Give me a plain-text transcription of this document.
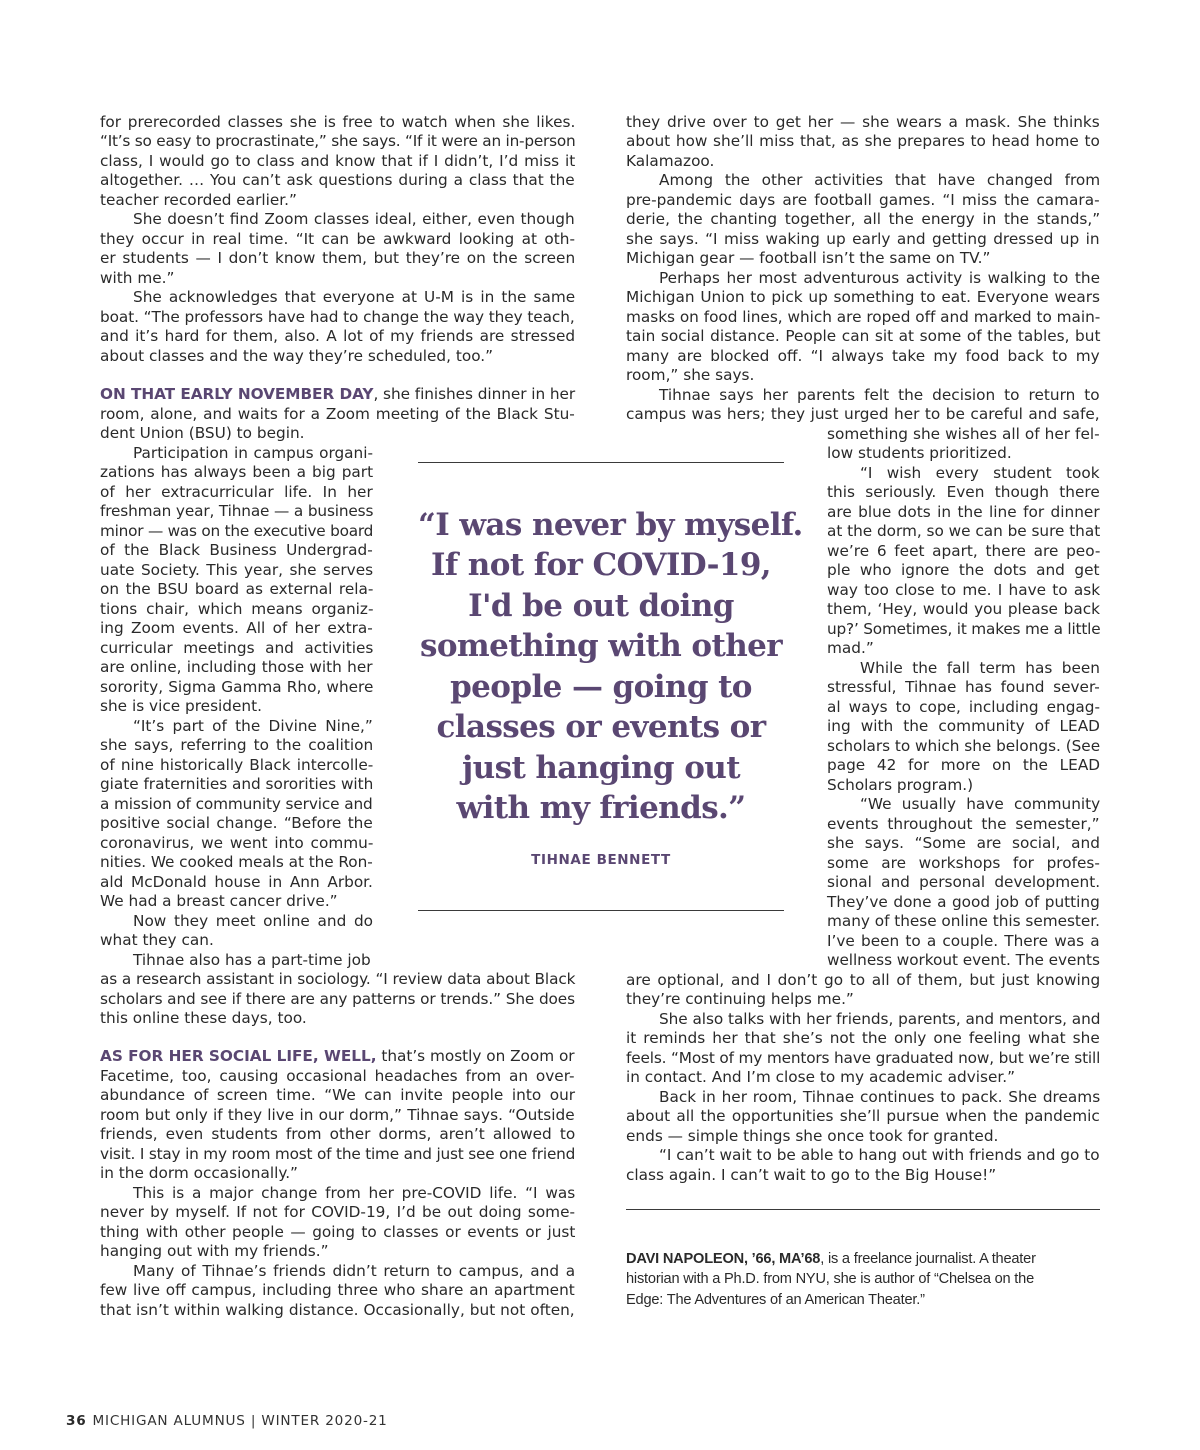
for prerecorded classes she is free to watch when she likes.
“It’s so easy to procrastinate,” she says. “If it were an in-person
class, I would go to class and know that if I didn’t, I’d miss it
altogether. … You can’t ask questions during a class that the
teacher recorded earlier.”
She doesn’t find Zoom classes ideal, either, even though
they occur in real time. “It can be awkward looking at oth-
er students — I don’t know them, but they’re on the screen
with me.”
She acknowledges that everyone at U-M is in the same
boat. “The professors have had to change the way they teach,
and it’s hard for them, also. A lot of my friends are stressed
about classes and the way they’re scheduled, too.”
ON THAT EARLY NOVEMBER DAY, she finishes dinner in her
room, alone, and waits for a Zoom meeting of the Black Stu-
dent Union (BSU) to begin.
Participation in campus organi-
zations has always been a big part
of her extracurricular life. In her
freshman year, Tihnae — a business
minor — was on the executive board
of the Black Business Undergrad-
uate Society. This year, she serves
on the BSU board as external rela-
tions chair, which means organiz-
ing Zoom events. All of her extra-
curricular meetings and activities
are online, including those with her
sorority, Sigma Gamma Rho, where
she is vice president.
“It’s part of the Divine Nine,”
she says, referring to the coalition
of nine historically Black intercolle-
giate fraternities and sororities with
a mission of community service and
positive social change. “Before the
coronavirus, we went into commu-
nities. We cooked meals at the Ron-
ald McDonald house in Ann Arbor.
We had a breast cancer drive.”
Now they meet online and do
what they can.
Tihnae also has a part-time job
as a research assistant in sociology. “I review data about Black
scholars and see if there are any patterns or trends.” She does
this online these days, too.
AS FOR HER SOCIAL LIFE, WELL, that’s mostly on Zoom or
Facetime, too, causing occasional headaches from an over-
abundance of screen time. “We can invite people into our
room but only if they live in our dorm,” Tihnae says. “Outside
friends, even students from other dorms, aren’t allowed to
visit. I stay in my room most of the time and just see one friend
in the dorm occasionally.”
This is a major change from her pre-COVID life. “I was
never by myself. If not for COVID-19, I’d be out doing some-
thing with other people — going to classes or events or just
hanging out with my friends.”
Many of Tihnae’s friends didn’t return to campus, and a
few live off campus, including three who share an apartment
that isn’t within walking distance. Occasionally, but not often,
they drive over to get her — she wears a mask. She thinks
about how she’ll miss that, as she prepares to head home to
Kalamazoo.
Among the other activities that have changed from
pre-pandemic days are football games. “I miss the camara-
derie, the chanting together, all the energy in the stands,”
she says. “I miss waking up early and getting dressed up in
Michigan gear — football isn’t the same on TV.”
Perhaps her most adventurous activity is walking to the
Michigan Union to pick up something to eat. Everyone wears
masks on food lines, which are roped off and marked to main-
tain social distance. People can sit at some of the tables, but
many are blocked off. “I always take my food back to my
room,” she says.
Tihnae says her parents felt the decision to return to
campus was hers; they just urged her to be careful and safe,
something she wishes all of her fel-
low students prioritized.
“I wish every student took
this seriously. Even though there
are blue dots in the line for dinner
at the dorm, so we can be sure that
we’re 6 feet apart, there are peo-
ple who ignore the dots and get
way too close to me. I have to ask
them, ‘Hey, would you please back
up?’ Sometimes, it makes me a little
mad.”
While the fall term has been
stressful, Tihnae has found sever-
al ways to cope, including engag-
ing with the community of LEAD
scholars to which she belongs. (See
page 42 for more on the LEAD
Scholars program.)
“We usually have community
events throughout the semester,”
she says. “Some are social, and
some are workshops for profes-
sional and personal development.
They’ve done a good job of putting
many of these online this semester.
I’ve been to a couple. There was a
wellness workout event. The events
are optional, and I don’t go to all of them, but just knowing
they’re continuing helps me.”
She also talks with her friends, parents, and mentors, and
it reminds her that she’s not the only one feeling what she
feels. “Most of my mentors have graduated now, but we’re still
in contact. And I’m close to my academic adviser.”
Back in her room, Tihnae continues to pack. She dreams
about all the opportunities she’ll pursue when the pandemic
ends — simple things she once took for granted.
“I can’t wait to be able to hang out with friends and go to
class again. I can’t wait to go to the Big House!”
“I was never by myself.
If not for COVID-19,
I'd be out doing
something with other
people — going to
classes or events or
just hanging out
with my friends.”
TIHNAE BENNETT
DAVI NAPOLEON, ’66, MA’68, is a freelance journalist. A theater
historian with a Ph.D. from NYU, she is author of “Chelsea on the
Edge: The Adventures of an American Theater.”
36 MICHIGAN ALUMNUS | WINTER 2020-21
